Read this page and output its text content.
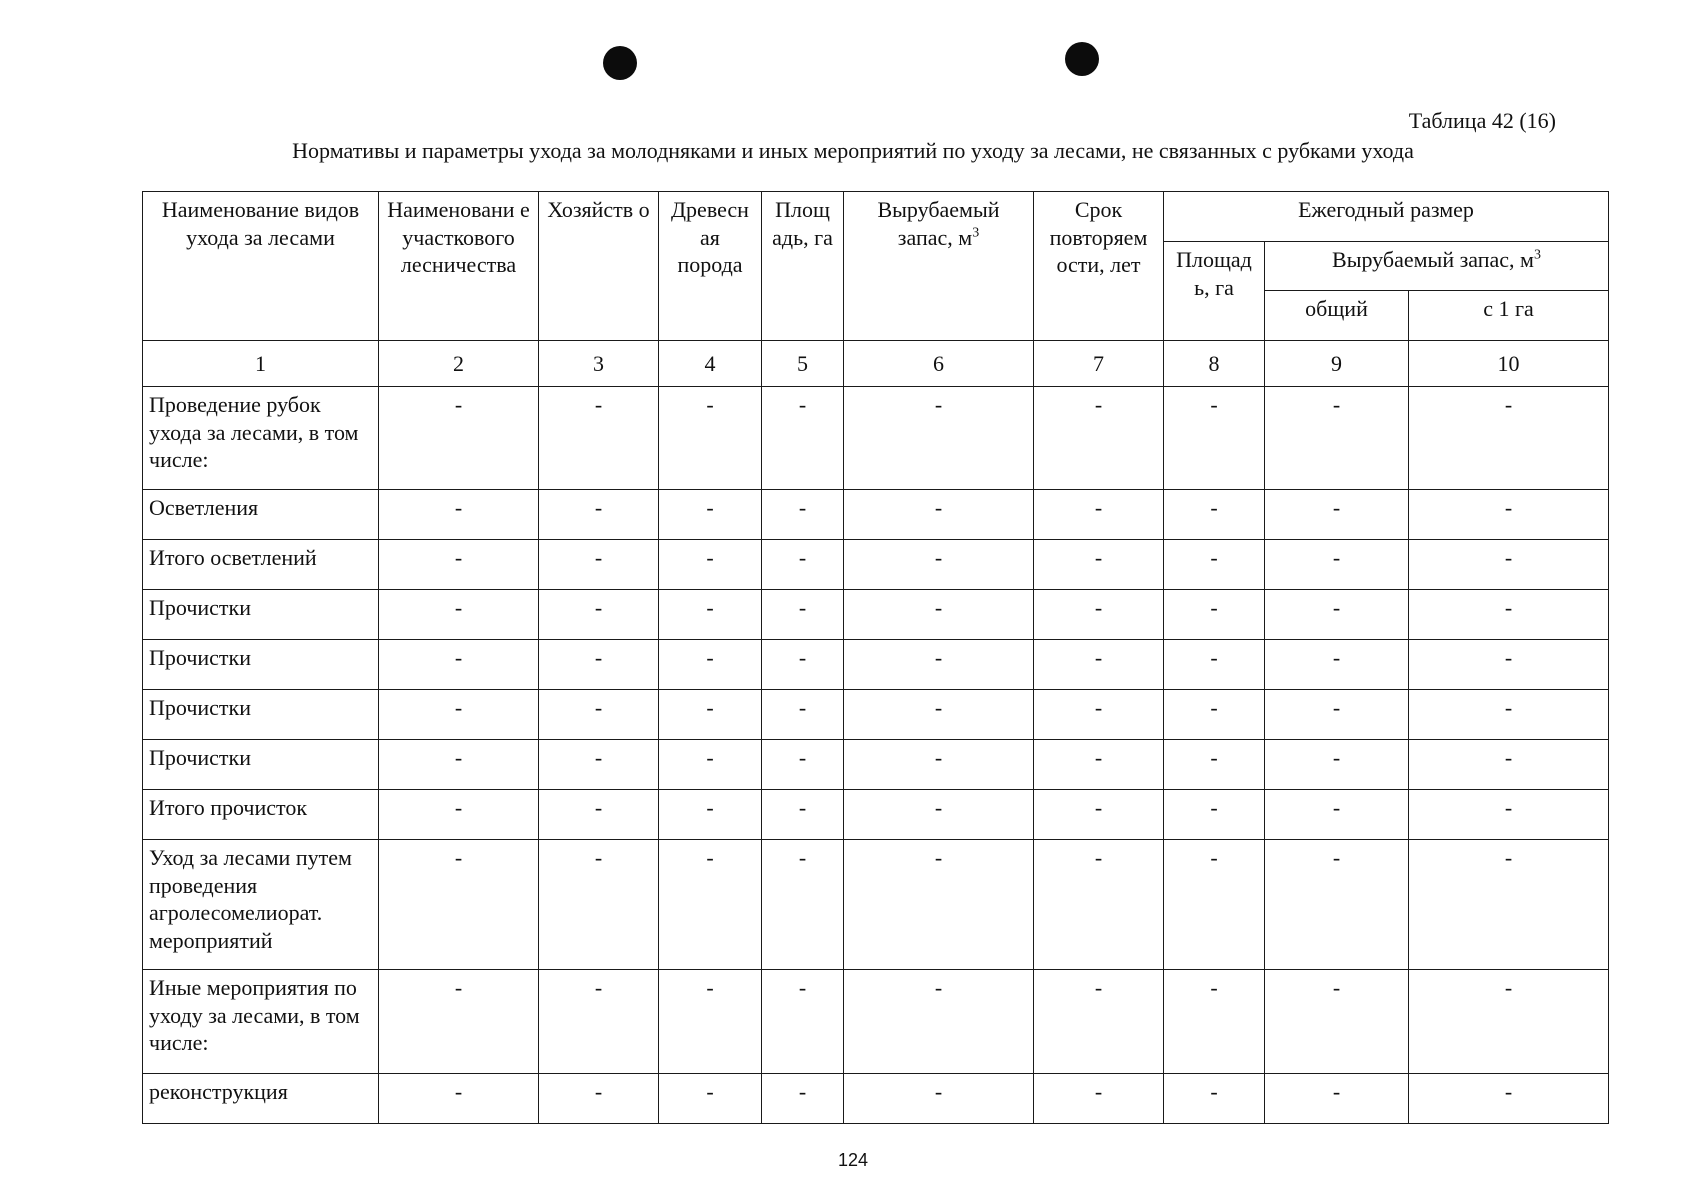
Таблица 42 (16)
Нормативы и параметры ухода за молодняками и иных мероприятий по уходу за лесами, не связанных с рубками ухода
Наименование видов ухода за лесами	Наименовани е участкового лесничества	Хозяйств о	Древесн ая порода	Площ адь, га	Вырубаемый запас, $м^3$	Срок повторяем ости, лет	Ежегодный размер		
							Площад ь, га	Вырубаемый запас, $м^3$
								общий	с 1 га
1	2	3	4	5	6	7	8	9	10
Проведение рубок ухода за лесами, в том числе:	-	-	-	-	-	-	-	-	-
Осветления	-	-	-	-	-	-	-	-	-
Итого осветлений	-	-	-	-	-	-	-	-	-
Прочистки	-	-	-	-	-	-	-	-	-
Прочистки	-	-	-	-	-	-	-	-	-
Прочистки	-	-	-	-	-	-	-	-	-
Прочистки	-	-	-	-	-	-	-	-	-
Итого прочисток	-	-	-	-	-	-	-	-	-
Уход за лесами путем проведения агролесомелиорат. мероприятий	-	-	-	-	-	-	-	-	-
Иные мероприятия по уходу за лесами, в том числе:	-	-	-	-	-	-	-	-	-
реконструкция	-	-	-	-	-	-	-	-	-
124
